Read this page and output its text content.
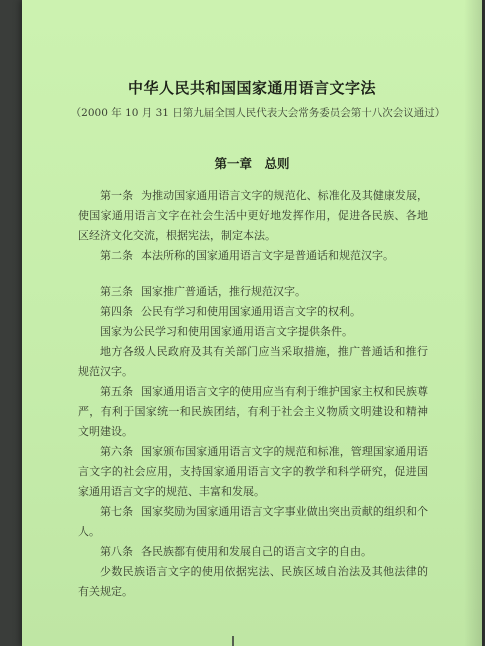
中华人民共和国国家通用语言文字法
（2000 年 10 月 31 日第九届全国人民代表大会常务委员会第十八次会议通过）
第一章　总则
第一条 为推动国家通用语言文字的规范化、标准化及其健康发展，使国家通用语言文字在社会生活中更好地发挥作用，促进各民族、各地区经济文化交流，根据宪法，制定本法。
第二条 本法所称的国家通用语言文字是普通话和规范汉字。
第三条 国家推广普通话，推行规范汉字。
第四条 公民有学习和使用国家通用语言文字的权利。
国家为公民学习和使用国家通用语言文字提供条件。
地方各级人民政府及其有关部门应当采取措施，推广普通话和推行规范汉字。
第五条 国家通用语言文字的使用应当有利于维护国家主权和民族尊严，有利于国家统一和民族团结，有利于社会主义物质文明建设和精神文明建设。
第六条 国家颁布国家通用语言文字的规范和标准，管理国家通用语言文字的社会应用，支持国家通用语言文字的教学和科学研究，促进国家通用语言文字的规范、丰富和发展。
第七条 国家奖励为国家通用语言文字事业做出突出贡献的组织和个人。
第八条 各民族都有使用和发展自己的语言文字的自由。
少数民族语言文字的使用依据宪法、民族区域自治法及其他法律的有关规定。
